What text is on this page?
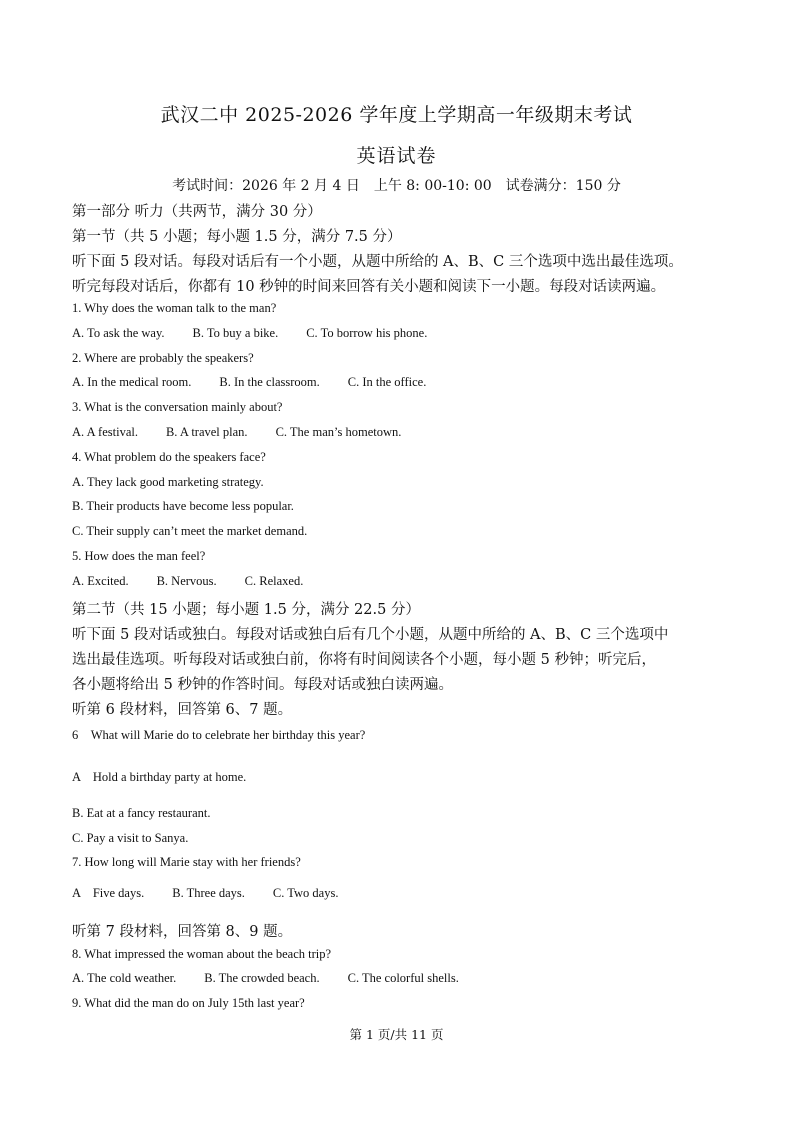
武汉二中 2025-2026 学年度上学期高一年级期末考试
英语试卷
考试时间：2026 年 2 月 4 日　上午 8: 00-10: 00　试卷满分：150 分
第一部分 听力（共两节，满分 30 分）
第一节（共 5 小题；每小题 1.5 分，满分 7.5 分）
听下面 5 段对话。每段对话后有一个小题，从题中所给的 A、B、C 三个选项中选出最佳选项。
听完每段对话后，你都有 10 秒钟的时间来回答有关小题和阅读下一小题。每段对话读两遍。
1. Why does the woman talk to the man?
A. To ask the way. B. To buy a bike. C. To borrow his phone.
2. Where are probably the speakers?
A. In the medical room. B. In the classroom. C. In the office.
3. What is the conversation mainly about?
A. A festival. B. A travel plan. C. The man’s hometown.
4. What problem do the speakers face?
A. They lack good marketing strategy.
B. Their products have become less popular.
C. Their supply can’t meet the market demand.
5. How does the man feel?
A. Excited. B. Nervous. C. Relaxed.
第二节（共 15 小题；每小题 1.5 分，满分 22.5 分）
听下面 5 段对话或独白。每段对话或独白后有几个小题，从题中所给的 A、B、C 三个选项中
选出最佳选项。听每段对话或独白前，你将有时间阅读各个小题，每小题 5 秒钟；听完后，
各小题将给出 5 秒钟的作答时间。每段对话或独白读两遍。
听第 6 段材料，回答第 6、7 题。
6　What will Marie do to celebrate her birthday this year?
A　Hold a birthday party at home.
B. Eat at a fancy restaurant.
C. Pay a visit to Sanya.
7. How long will Marie stay with her friends?
A　Five days. B. Three days. C. Two days.
听第 7 段材料，回答第 8、9 题。
8. What impressed the woman about the beach trip?
A. The cold weather. B. The crowded beach. C. The colorful shells.
9. What did the man do on July 15th last year?
第 1 页/共 11 页
